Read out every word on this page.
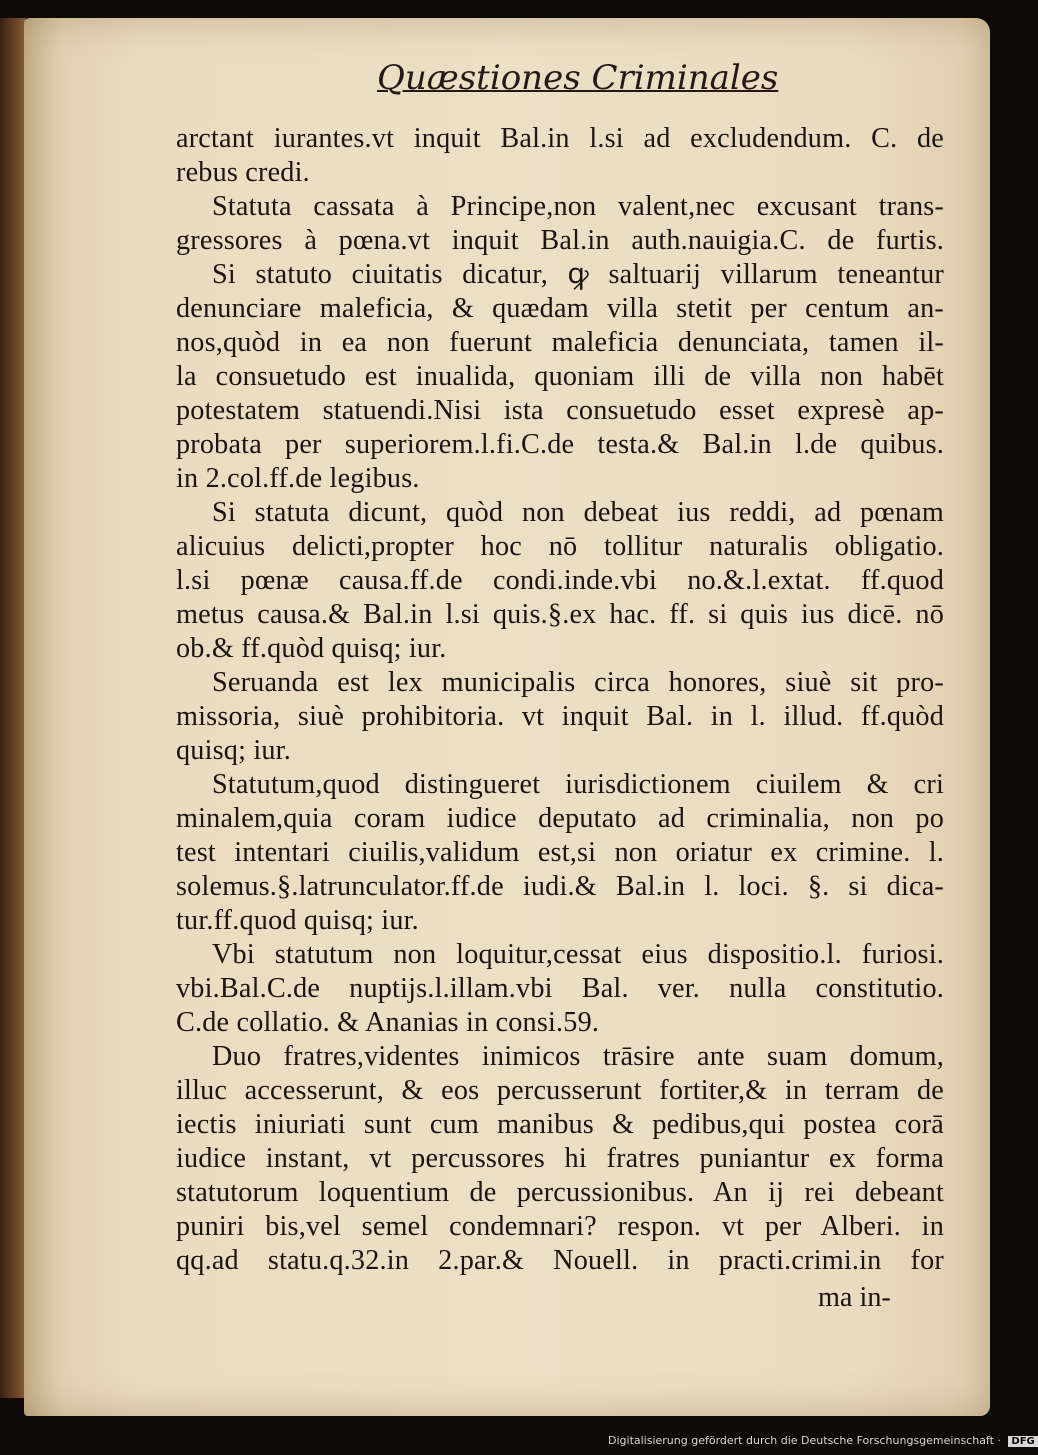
Quæstiones Criminales
arctant iurantes.vt inquit Bal.in l.si ad excludendum. C. de
rebus credi.
Statuta cassata à Principe,non valent,nec excusant trans-
gressores à pœna.vt inquit Bal.in auth.nauigia.C. de furtis.
Si statuto ciuitatis dicatur, ꝙ saltuarij villarum teneantur
denunciare maleficia, & quædam villa stetit per centum an-
nos,quòd in ea non fuerunt maleficia denunciata, tamen il-
la consuetudo est inualida, quoniam illi de villa non habēt
potestatem statuendi.Nisi ista consuetudo esset expresè ap-
probata per superiorem.l.fi.C.de testa.& Bal.in l.de quibus.
in 2.col.ff.de legibus.
Si statuta dicunt, quòd non debeat ius reddi, ad pœnam
alicuius delicti,propter hoc nō tollitur naturalis obligatio.
l.si pœnæ causa.ff.de condi.inde.vbi no.&.l.extat. ff.quod
metus causa.& Bal.in l.si quis.§.ex hac. ff. si quis ius dicē. nō
ob.& ff.quòd quisq; iur.
Seruanda est lex municipalis circa honores, siuè sit pro-
missoria, siuè prohibitoria. vt inquit Bal. in l. illud. ff.quòd
quisq; iur.
Statutum,quod distingueret iurisdictionem ciuilem & cri
minalem,quia coram iudice deputato ad criminalia, non po
test intentari ciuilis,validum est,si non oriatur ex crimine. l.
solemus.§.latrunculator.ff.de iudi.& Bal.in l. loci. §. si dica-
tur.ff.quod quisq; iur.
Vbi statutum non loquitur,cessat eius dispositio.l. furiosi.
vbi.Bal.C.de nuptijs.l.illam.vbi Bal. ver. nulla constitutio.
C.de collatio. & Ananias in consi.59.
Duo fratres,videntes inimicos trāsire ante suam domum,
illuc accesserunt, & eos percusserunt fortiter,& in terram de
iectis iniuriati sunt cum manibus & pedibus,qui postea corā
iudice instant, vt percussores hi fratres puniantur ex forma
statutorum loquentium de percussionibus. An ij rei debeant
puniri bis,vel semel condemnari? respon. vt per Alberi. in
qq.ad statu.q.32.in 2.par.& Nouell. in practi.crimi.in for
ma in-
Digitalisierung gefördert durch die Deutsche Forschungsgemeinschaft · DFG
